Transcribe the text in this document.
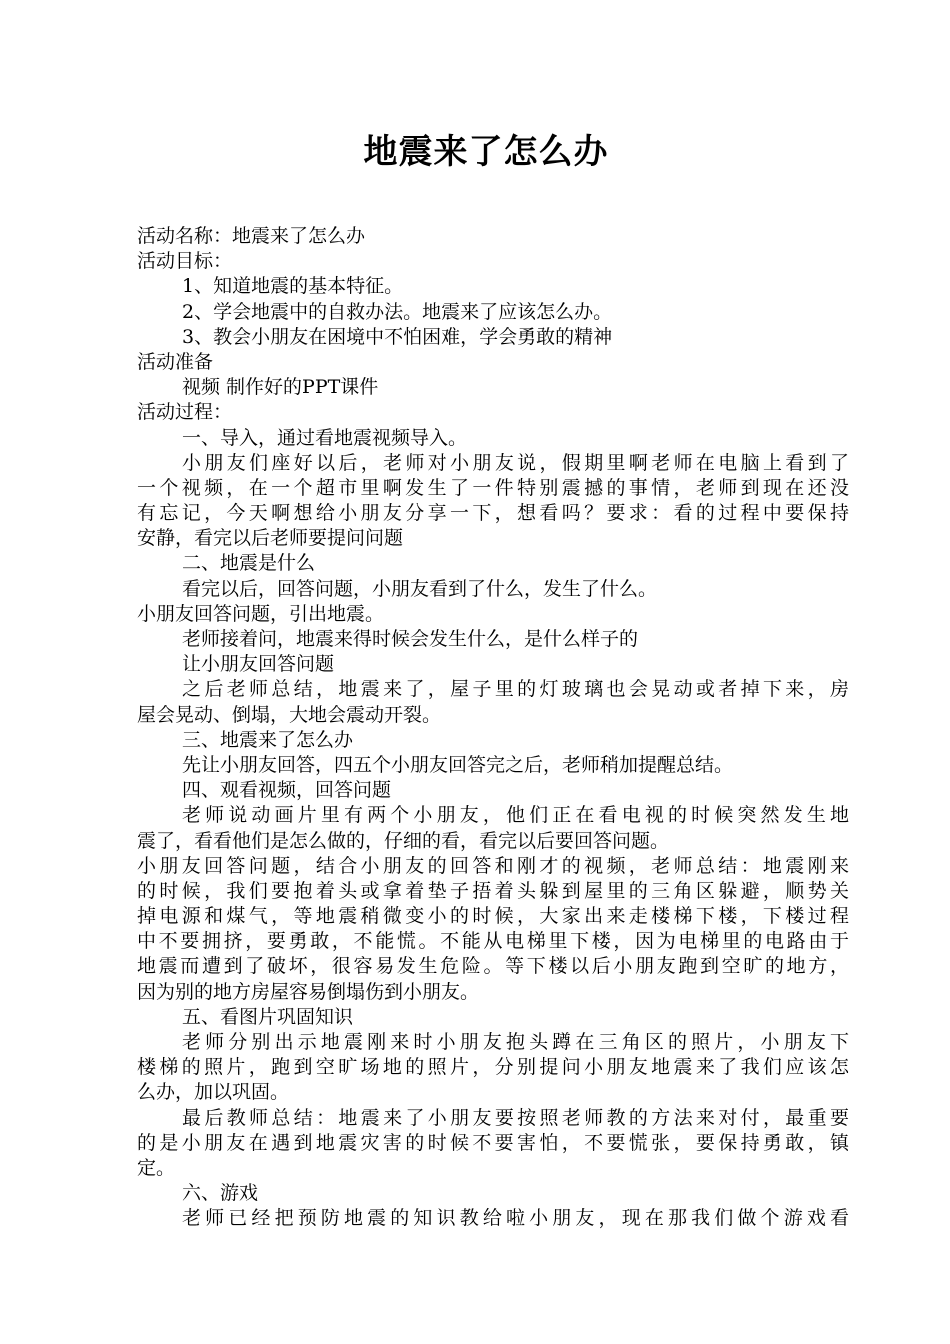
地震来了怎么办
活动名称：地震来了怎么办
活动目标：
1、知道地震的基本特征。
2、学会地震中的自救办法。地震来了应该怎么办。
3、教会小朋友在困境中不怕困难，学会勇敢的精神
活动准备
视频 制作好的PPT课件
活动过程：
一、导入，通过看地震视频导入。
小朋友们座好以后，老师对小朋友说，假期里啊老师在电脑上看到了
一个视频，在一个超市里啊发生了一件特别震撼的事情，老师到现在还没
有忘记，今天啊想给小朋友分享一下，想看吗？要求：看的过程中要保持
安静，看完以后老师要提问问题
二、地震是什么
看完以后，回答问题，小朋友看到了什么，发生了什么。
小朋友回答问题，引出地震。
老师接着问，地震来得时候会发生什么，是什么样子的
让小朋友回答问题
之后老师总结，地震来了，屋子里的灯玻璃也会晃动或者掉下来，房
屋会晃动、倒塌，大地会震动开裂。
三、地震来了怎么办
先让小朋友回答，四五个小朋友回答完之后，老师稍加提醒总结。
四、观看视频，回答问题
老师说动画片里有两个小朋友，他们正在看电视的时候突然发生地
震了，看看他们是怎么做的，仔细的看，看完以后要回答问题。
小朋友回答问题，结合小朋友的回答和刚才的视频，老师总结：地震刚来
的时候，我们要抱着头或拿着垫子捂着头躲到屋里的三角区躲避，顺势关
掉电源和煤气，等地震稍微变小的时候，大家出来走楼梯下楼，下楼过程
中不要拥挤，要勇敢，不能慌。不能从电梯里下楼，因为电梯里的电路由于
地震而遭到了破坏，很容易发生危险。等下楼以后小朋友跑到空旷的地方，
因为别的地方房屋容易倒塌伤到小朋友。
五、看图片巩固知识
老师分别出示地震刚来时小朋友抱头蹲在三角区的照片，小朋友下
楼梯的照片，跑到空旷场地的照片，分别提问小朋友地震来了我们应该怎
么办，加以巩固。
最后教师总结：地震来了小朋友要按照老师教的方法来对付，最重要
的是小朋友在遇到地震灾害的时候不要害怕，不要慌张，要保持勇敢，镇
定。
六、游戏
老师已经把预防地震的知识教给啦小朋友，现在那我们做个游戏看
